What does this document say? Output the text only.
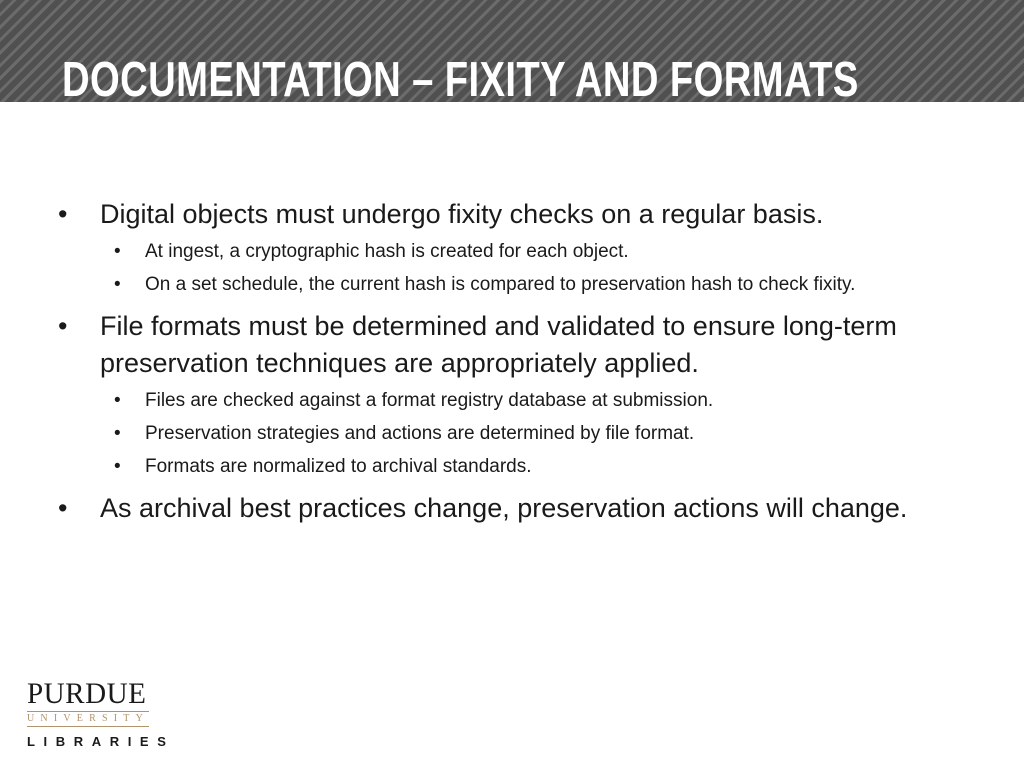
DOCUMENTATION – FIXITY AND FORMATS
• Digital objects must undergo fixity checks on a regular basis.
• At ingest, a cryptographic hash is created for each object.
• On a set schedule, the current hash is compared to preservation hash to check fixity.
• File formats must be determined and validated to ensure long-term preservation techniques are appropriately applied.
• Files are checked against a format registry database at submission.
• Preservation strategies and actions are determined by file format.
• Formats are normalized to archival standards.
• As archival best practices change, preservation actions will change.
PURDUE
UNIVERSITY
LIBRARIES
